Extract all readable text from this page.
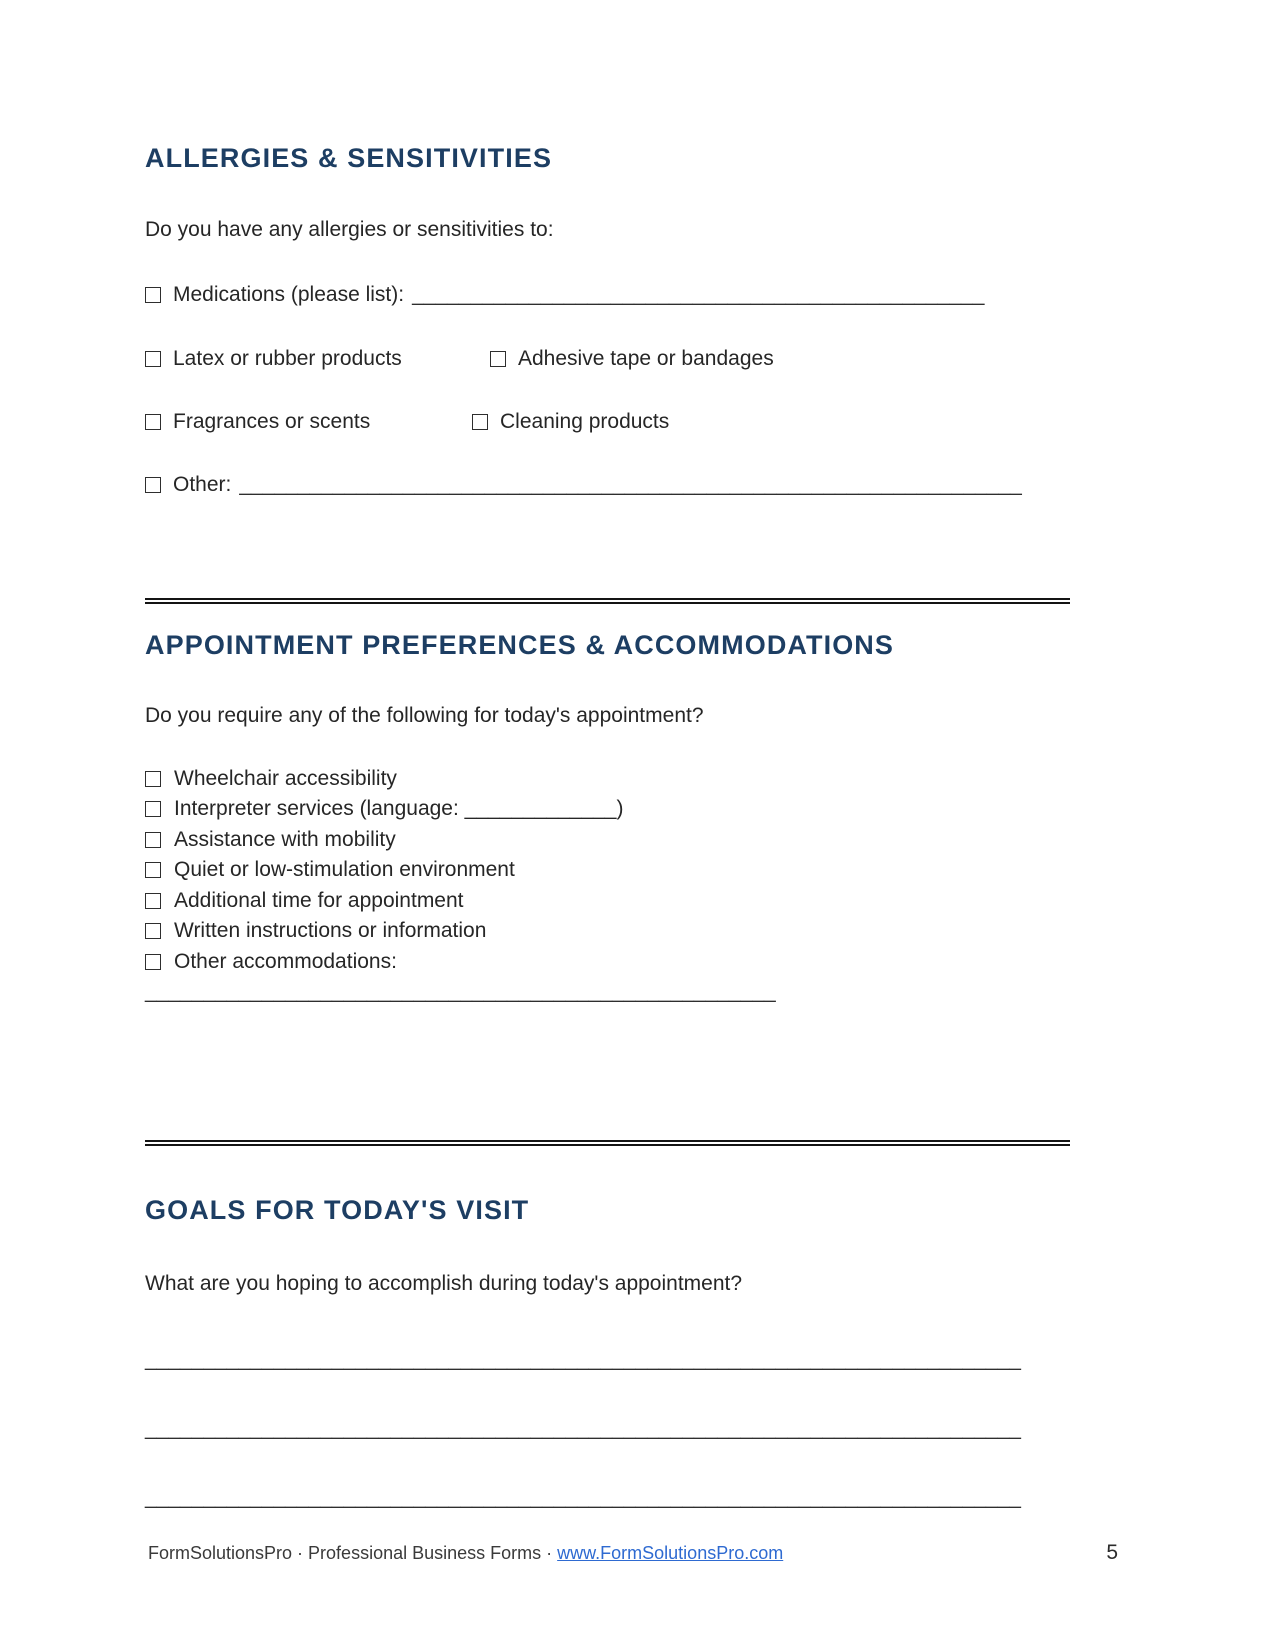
ALLERGIES & SENSITIVITIES

Do you have any allergies or sensitivities to:

Medications (please list): _________________________________________________
Latex or rubber products	Adhesive tape or bandages
Fragrances or scents	Cleaning products
Other: ___________________________________________________________________
APPOINTMENT PREFERENCES & ACCOMMODATIONS

Do you require any of the following for today's appointment?

Wheelchair accessibility
Interpreter services (language: _____________)
Assistance with mobility
Quiet or low-stimulation environment
Additional time for appointment
Written instructions or information
Other accommodations:
______________________________________________________
GOALS FOR TODAY'S VISIT

What are you hoping to accomplish during today's appointment?

___________________________________________________________________________
___________________________________________________________________________
___________________________________________________________________________
FormSolutionsPro · Professional Business Forms · www.FormSolutionsPro.com	5
